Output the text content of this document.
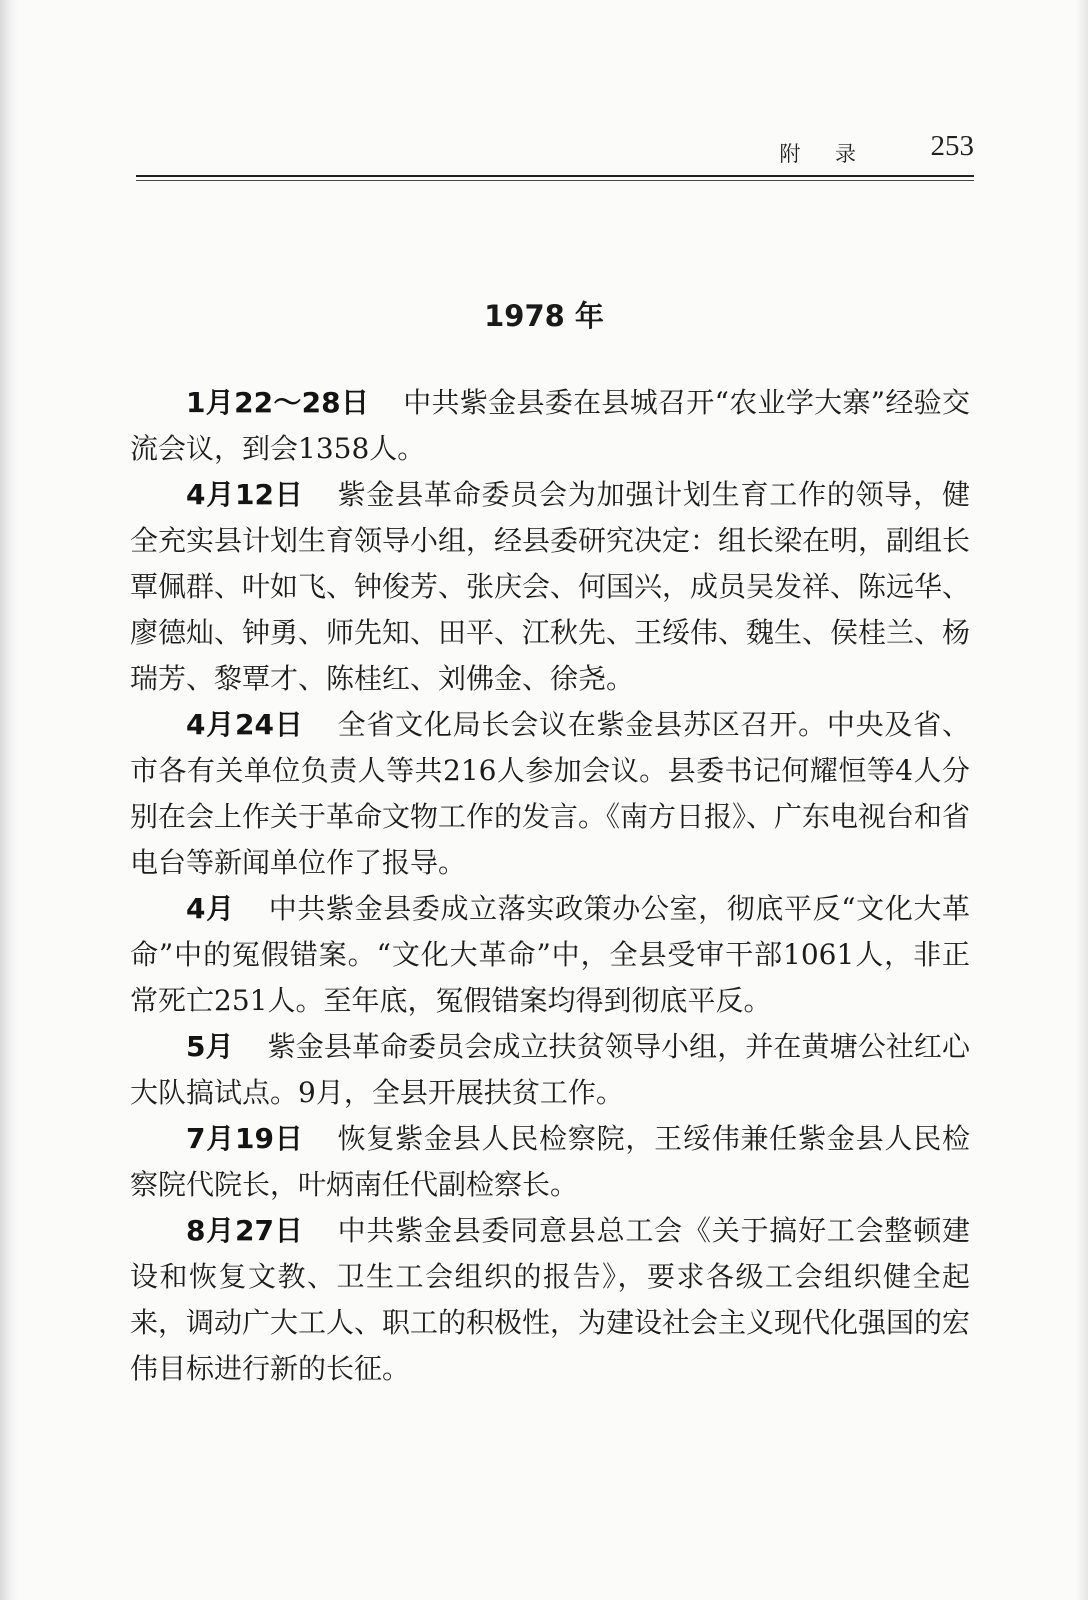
附 录 253
1978 年

1月22～28日 中共紫金县委在县城召开“农业学大寨”经验交流会议，到会1358人。

4月12日 紫金县革命委员会为加强计划生育工作的领导，健全充实县计划生育领导小组，经县委研究决定：组长梁在明，副组长覃佩群、叶如飞、钟俊芳、张庆会、何国兴，成员吴发祥、陈远华、廖德灿、钟勇、师先知、田平、江秋先、王绥伟、魏生、侯桂兰、杨瑞芳、黎覃才、陈桂红、刘佛金、徐尧。

4月24日 全省文化局长会议在紫金县苏区召开。中央及省、市各有关单位负责人等共216人参加会议。县委书记何耀恒等4人分别在会上作关于革命文物工作的发言。《南方日报》、广东电视台和省电台等新闻单位作了报导。

4月 中共紫金县委成立落实政策办公室，彻底平反“文化大革命”中的冤假错案。“文化大革命”中，全县受审干部1061人，非正常死亡251人。至年底，冤假错案均得到彻底平反。

5月 紫金县革命委员会成立扶贫领导小组，并在黄塘公社红心大队搞试点。9月，全县开展扶贫工作。

7月19日 恢复紫金县人民检察院，王绥伟兼任紫金县人民检察院代院长，叶炳南任代副检察长。

8月27日 中共紫金县委同意县总工会《关于搞好工会整顿建设和恢复文教、卫生工会组织的报告》，要求各级工会组织健全起来，调动广大工人、职工的积极性，为建设社会主义现代化强国的宏伟目标进行新的长征。
